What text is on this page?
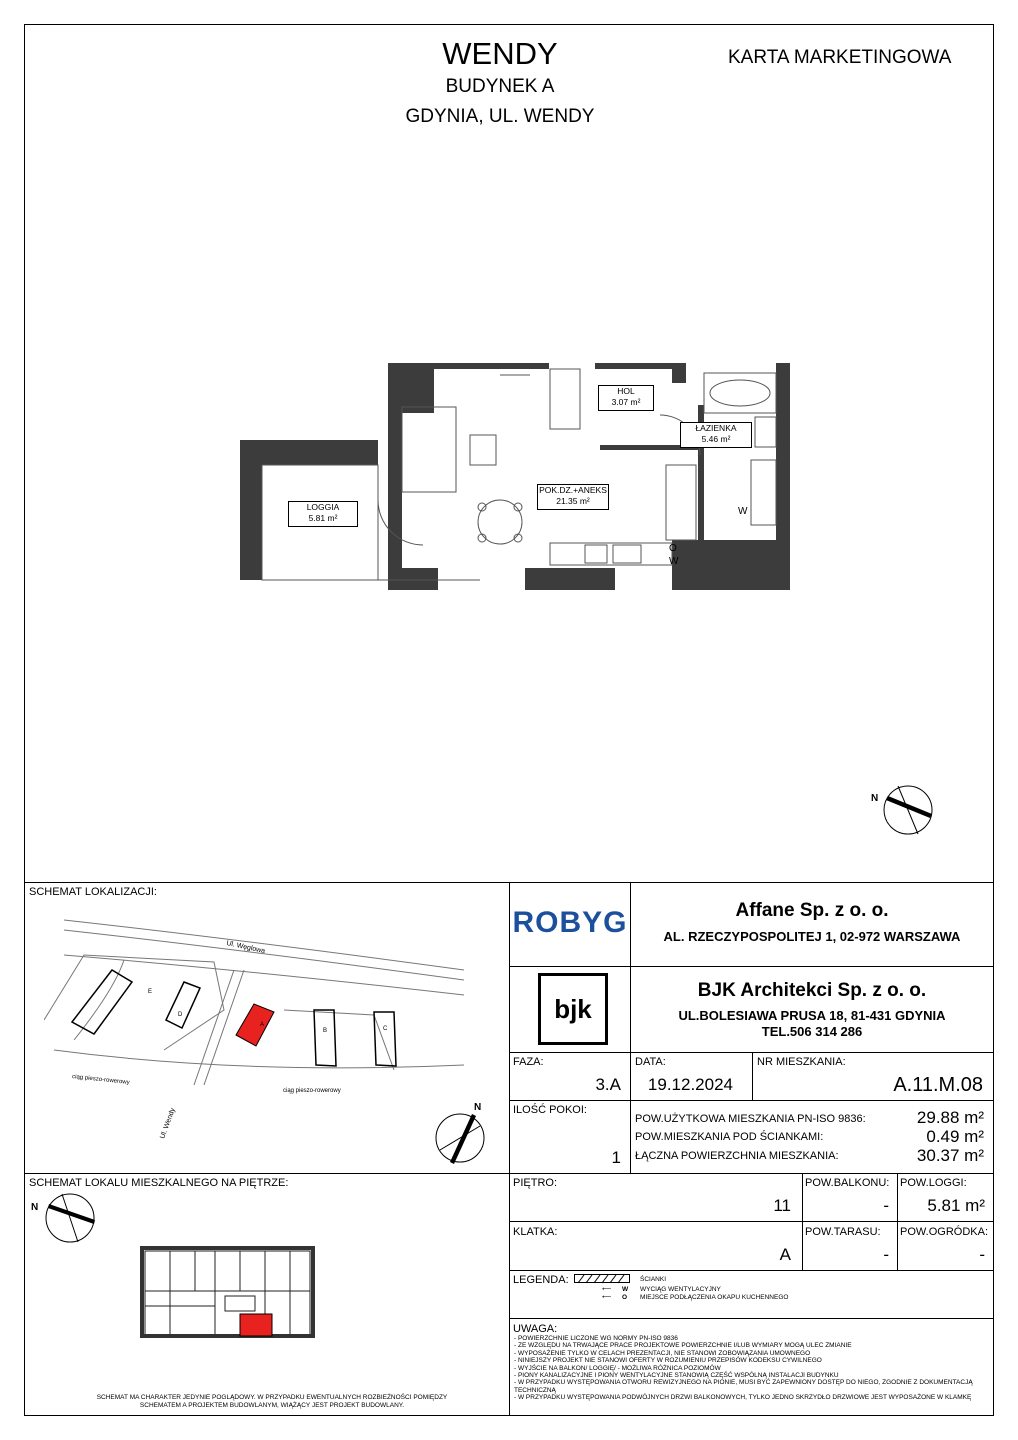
WENDY
BUDYNEK A
GDYNIA, UL. WENDY
KARTA MARKETINGOWA
HOL
3.07 m²
ŁAZIENKA
5.46 m²
POK.DZ.+ANEKS
21.35 m²
LOGGIA
5.81 m²
W
O
W
N
SCHEMAT LOKALIZACJI:
E
D
A
B	C
Ul. Węglowa
Ul. Wendy
ciąg pieszo-rowerowy
ciąg pieszo-rowerowy
N
SCHEMAT LOKALU MIESZKALNEGO NA PIĘTRZE:
N
SCHEMAT MA CHARAKTER JEDYNIE POGLĄDOWY. W PRZYPADKU EWENTUALNYCH ROZBIEŻNOŚCI POMIĘDZY SCHEMATEM A PROJEKTEM BUDOWLANYM, WIĄŻĄCY JEST PROJEKT BUDOWLANY.
ROBYG	Affane Sp. z o. o.
AL. RZECZYPOSPOLITEJ 1, 02-972 WARSZAWA
bjk
BJK Architekci Sp. z o. o.
UL.BOLESIAWA PRUSA 18, 81-431 GDYNIA
TEL.506 314 286
FAZA:
3.A
DATA:
19.12.2024
NR MIESZKANIA:
A.11.M.08
ILOŚĆ POKOI:
1
POW.UŻYTKOWA MIESZKANIA PN-ISO 9836:	29.88 m²
POW.MIESZKANIA POD ŚCIANKAMI:	0.49 m²
ŁĄCZNA POWIERZCHNIA MIESZKANIA:	30.37 m²
PIĘTRO:
11
POW.BALKONU:
-
POW.LOGGI:
5.81 m²
KLATKA:
A
POW.TARASU:
-
POW.OGRÓDKA:
-
LEGENDA:	ŚCIANKI
⟵ W WYCIĄG WENTYLACYJNY
⟵ O MIEJSCE PODŁĄCZENIA OKAPU KUCHENNEGO
UWAGA:
- POWIERZCHNIE LICZONE WG NORMY PN-ISO 9836
- ZE WZGLĘDU NA TRWAJĄCE PRACE PROJEKTOWE POWIERZCHNIE I/LUB WYMIARY MOGĄ ULEC ZMIANIE
- WYPOSAŻENIE TYLKO W CELACH PREZENTACJI, NIE STANOWI ZOBOWIĄZANIA UMOWNEGO
- NINIEJSZY PROJEKT NIE STANOWI OFERTY W ROZUMIENIU PRZEPISÓW KODEKSU CYWILNEGO
- WYJŚCIE NA BALKON/ LOGGIĘ/ - MOŻLIWA RÓŻNICA POZIOMÓW
- PIONY KANALIZACYJNE I PIONY WENTYLACYJNE STANOWIĄ CZĘŚĆ WSPÓLNĄ INSTALACJI BUDYNKU
- W PRZYPADKU WYSTĘPOWANIA OTWORU REWIZYJNEGO NA PIONIE, MUSI BYĆ ZAPEWNIONY DOSTĘP DO NIEGO, ZGODNIE Z DOKUMENTACJĄ TECHNICZNĄ
- W PRZYPADKU WYSTĘPOWANIA PODWÓJNYCH DRZWI BALKONOWYCH, TYLKO JEDNO SKRZYDŁO DRZWIOWE JEST WYPOSAŻONE W KLAMKĘ
